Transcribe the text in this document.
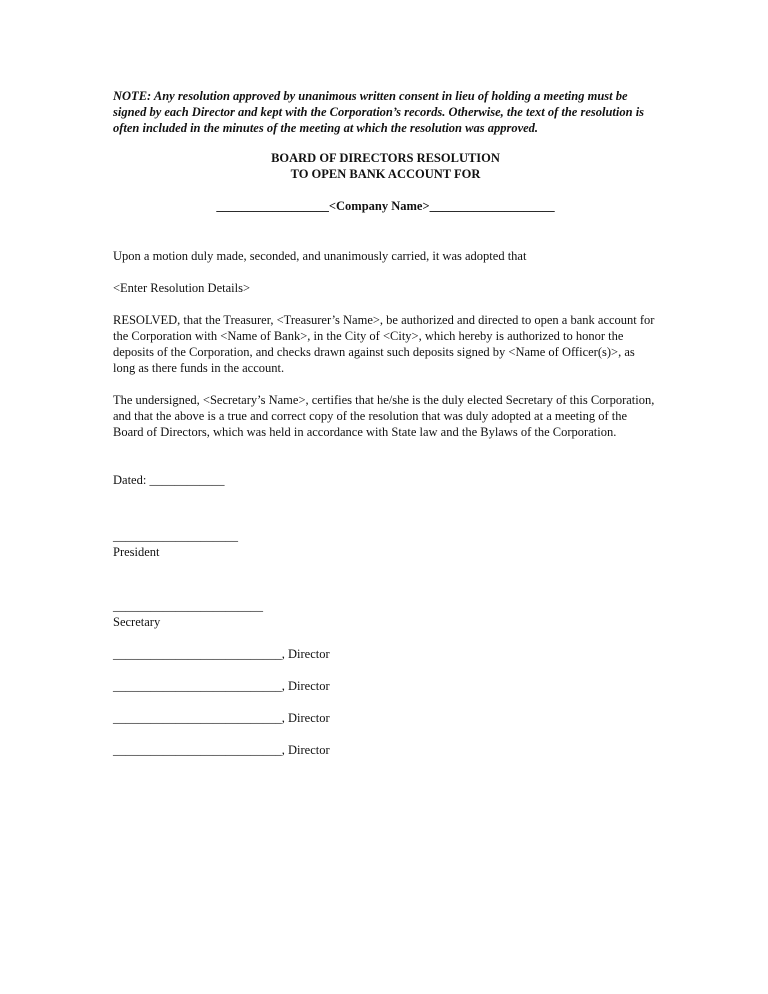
NOTE: Any resolution approved by unanimous written consent in lieu of holding a meeting must be signed by each Director and kept with the Corporation’s records. Otherwise, the text of the resolution is often included in the minutes of the meeting at which the resolution was approved.

BOARD OF DIRECTORS RESOLUTION

TO OPEN BANK ACCOUNT FOR

__________________<Company Name>____________________

Upon a motion duly made, seconded, and unanimously carried, it was adopted that

<Enter Resolution Details>

RESOLVED, that the Treasurer, <Treasurer’s Name>, be authorized and directed to open a bank account for the Corporation with <Name of Bank>, in the City of <City>, which hereby is authorized to honor the deposits of the Corporation, and checks drawn against such deposits signed by <Name of Officer(s)>, as long as there funds in the account.

The undersigned, <Secretary’s Name>, certifies that he/she is the duly elected Secretary of this Corporation, and that the above is a true and correct copy of the resolution that was duly adopted at a meeting of the Board of Directors, which was held in accordance with State law and the Bylaws of the Corporation.

Dated: ____________

____________________

President

________________________

Secretary

___________________________, Director

___________________________, Director

___________________________, Director

___________________________, Director
